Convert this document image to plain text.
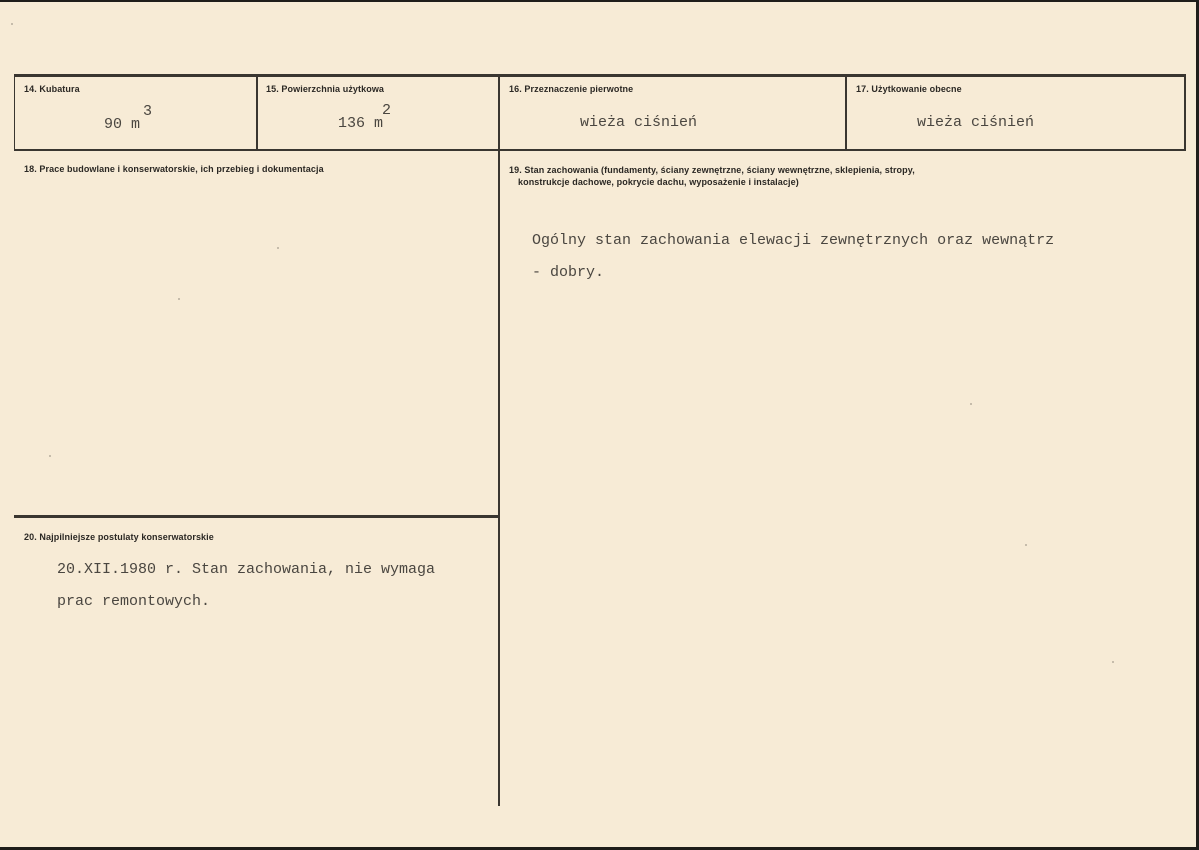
14. Kubatura
90 m
3
15. Powierzchnia użytkowa
136 m
2
16. Przeznaczenie pierwotne
wieża ciśnień
17. Użytkowanie obecne
wieża ciśnień
18. Prace budowlane i konserwatorskie, ich przebieg i dokumentacja	19. Stan zachowania (fundamenty, ściany zewnętrzne, ściany wewnętrzne, sklepienia, stropy,
konstrukcje dachowe, pokrycie dachu, wyposażenie i instalacje)
Ogólny stan zachowania elewacji zewnętrznych oraz wewnątrz
- dobry.
20. Najpilniejsze postulaty konserwatorskie
20.XII.1980 r. Stan zachowania, nie wymaga
prac remontowych.
